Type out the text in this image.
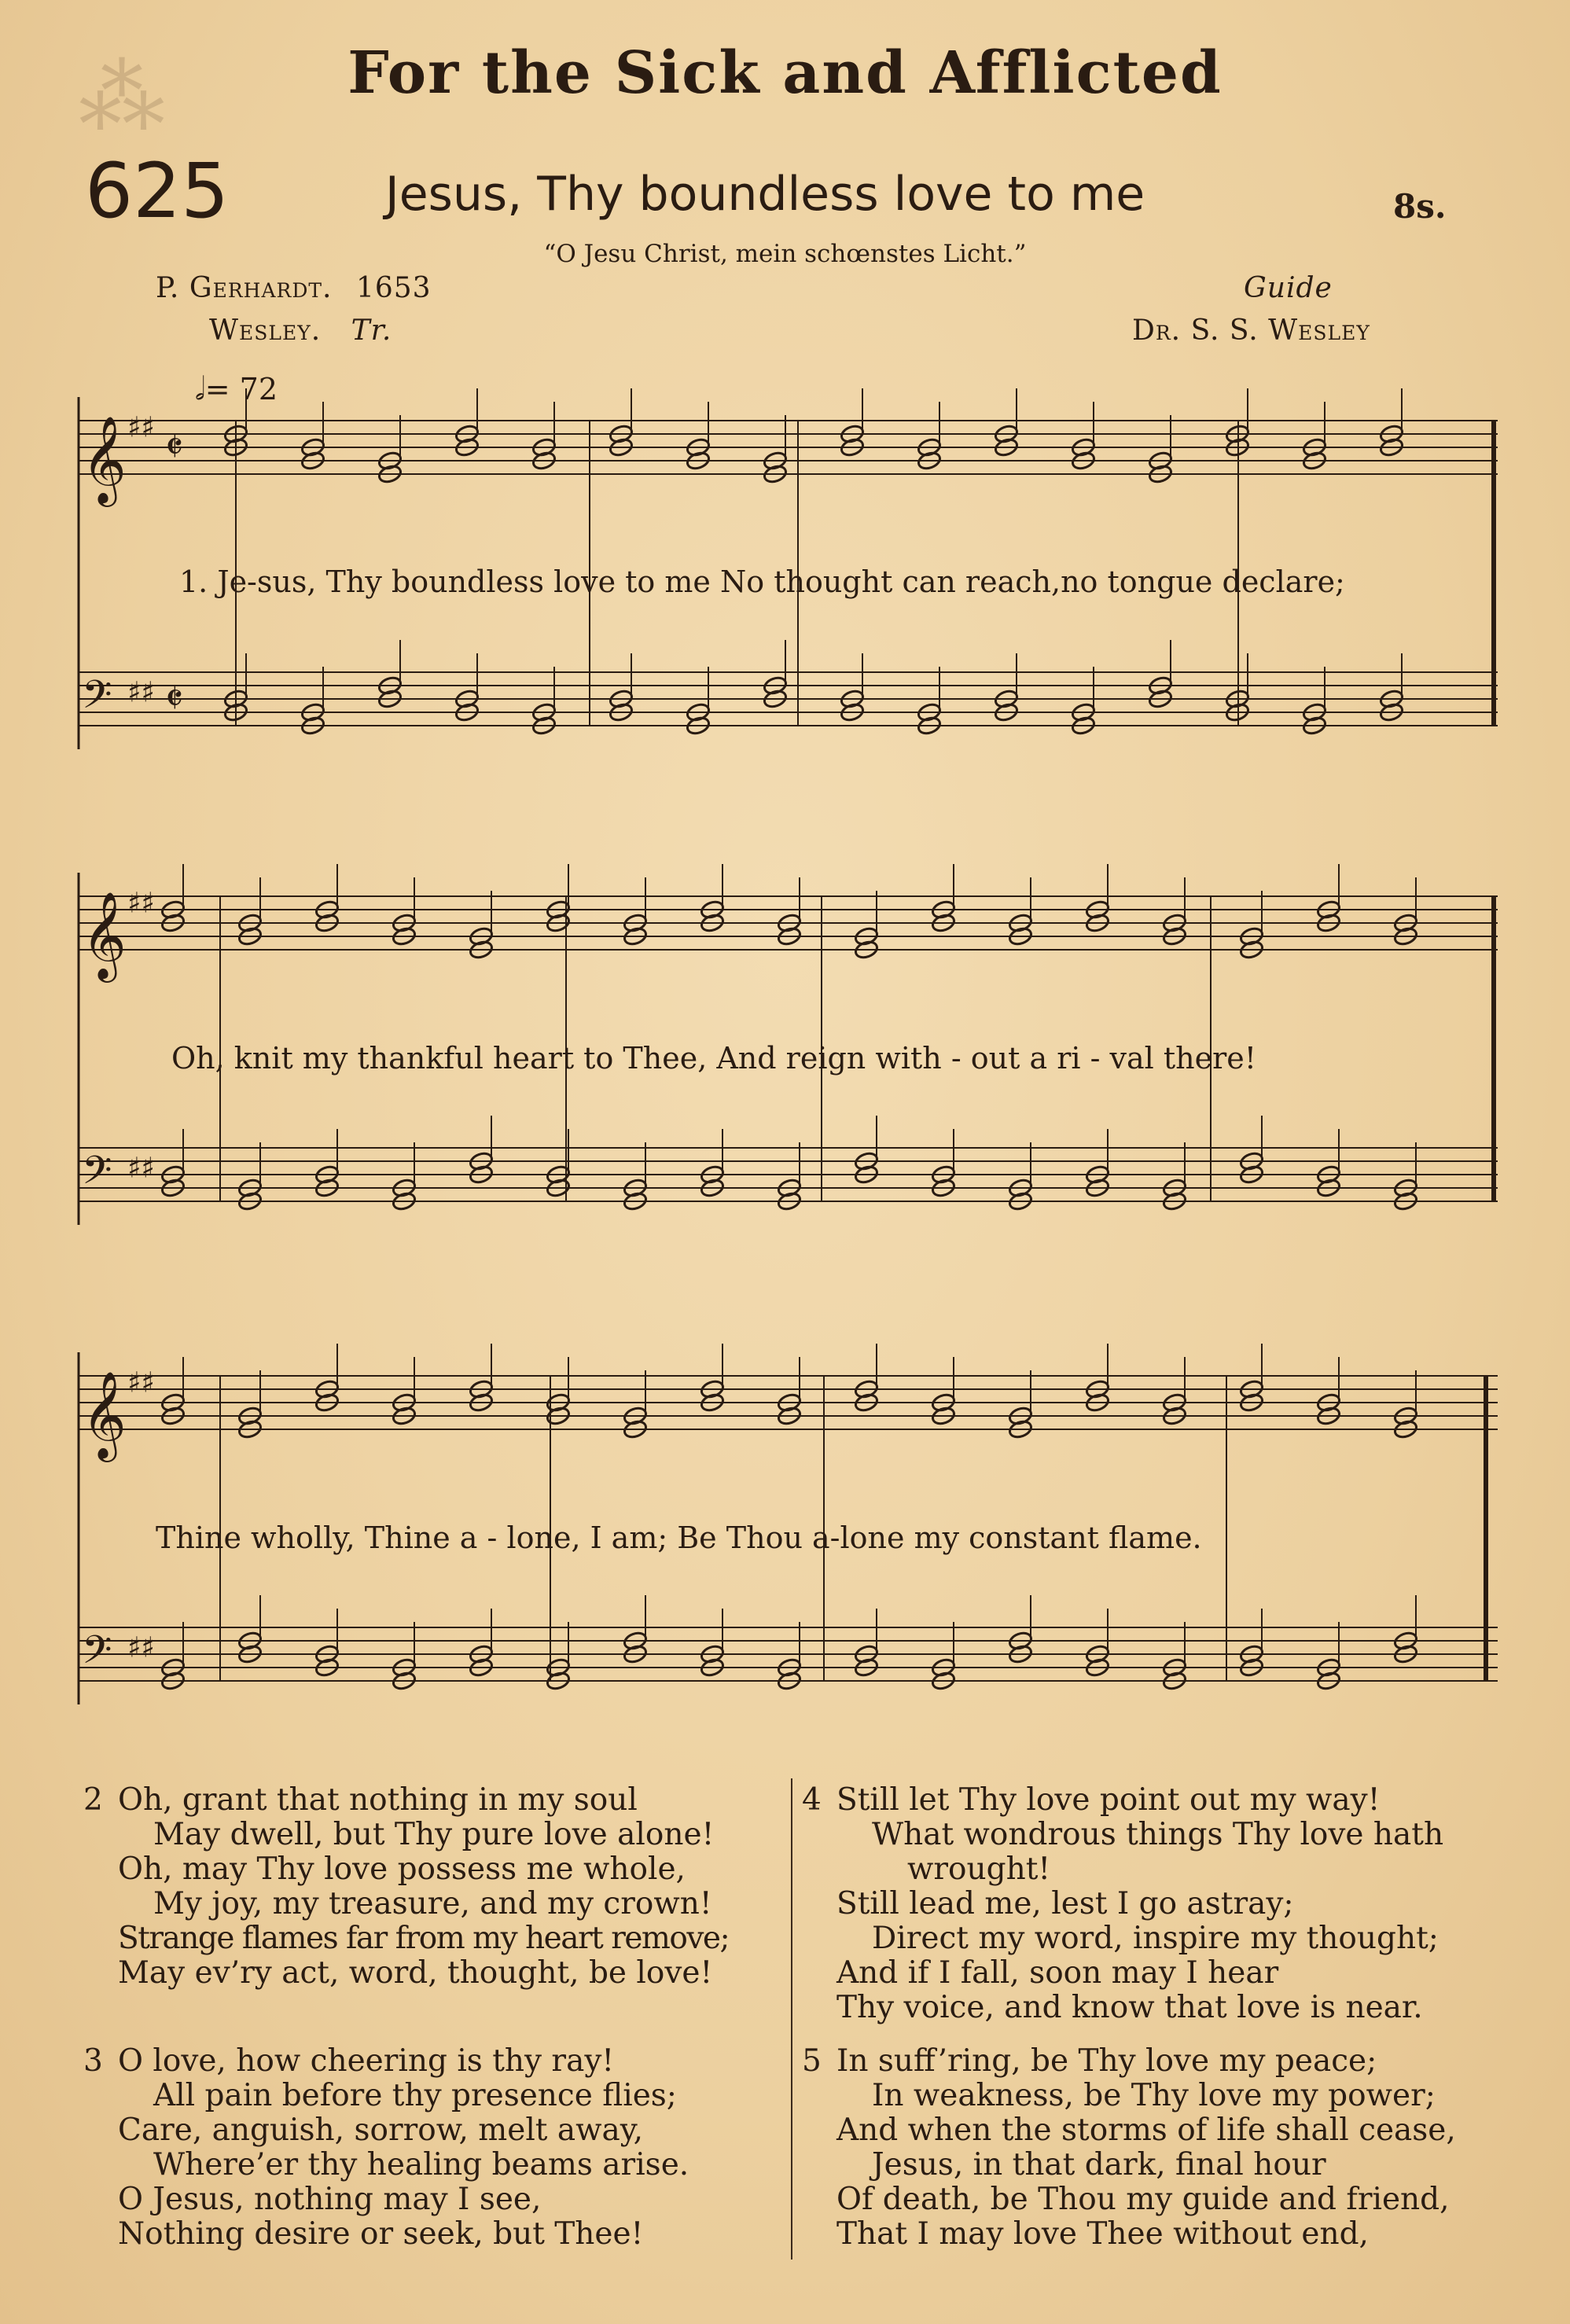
⁂	For the Sick and Afflicted
625	Jesus, Thy boundless love to me	8s.
“O Jesu Christ, mein schœnstes Licht.”
P. Gerhardt. 1653
Wesley. Tr.
Guide
Dr. S. S. Wesley
𝅗𝅥= 72
𝄞 ♯♯ 𝄵
𝄢 ♯♯ 𝄵
𝄞 ♯♯
𝄢 ♯♯
𝄞 ♯♯
𝄢 ♯♯
1. Je-sus, Thy boundless love to me No thought can reach,no tongue declare;
Oh, knit my thankful heart to Thee, And reign with - out a ri - val there!
Thine wholly, Thine a - lone, I am; Be Thou a-lone my constant flame.
2 Oh, grant that nothing in my soul
May dwell, but Thy pure love alone!
Oh, may Thy love possess me whole,
My joy, my treasure, and my crown!
Strange flames far from my heart remove;
May ev’ry act, word, thought, be love!
3 O love, how cheering is thy ray!
All pain before thy presence flies;
Care, anguish, sorrow, melt away,
Where’er thy healing beams arise.
O Jesus, nothing may I see,
Nothing desire or seek, but Thee!
4 Still let Thy love point out my way!
What wondrous things Thy love hath
wrought!
Still lead me, lest I go astray;
Direct my word, inspire my thought;
And if I fall, soon may I hear
Thy voice, and know that love is near.
5 In suff’ring, be Thy love my peace;
In weakness, be Thy love my power;
And when the storms of life shall cease,
Jesus, in that dark, final hour
Of death, be Thou my guide and friend,
That I may love Thee without end,
